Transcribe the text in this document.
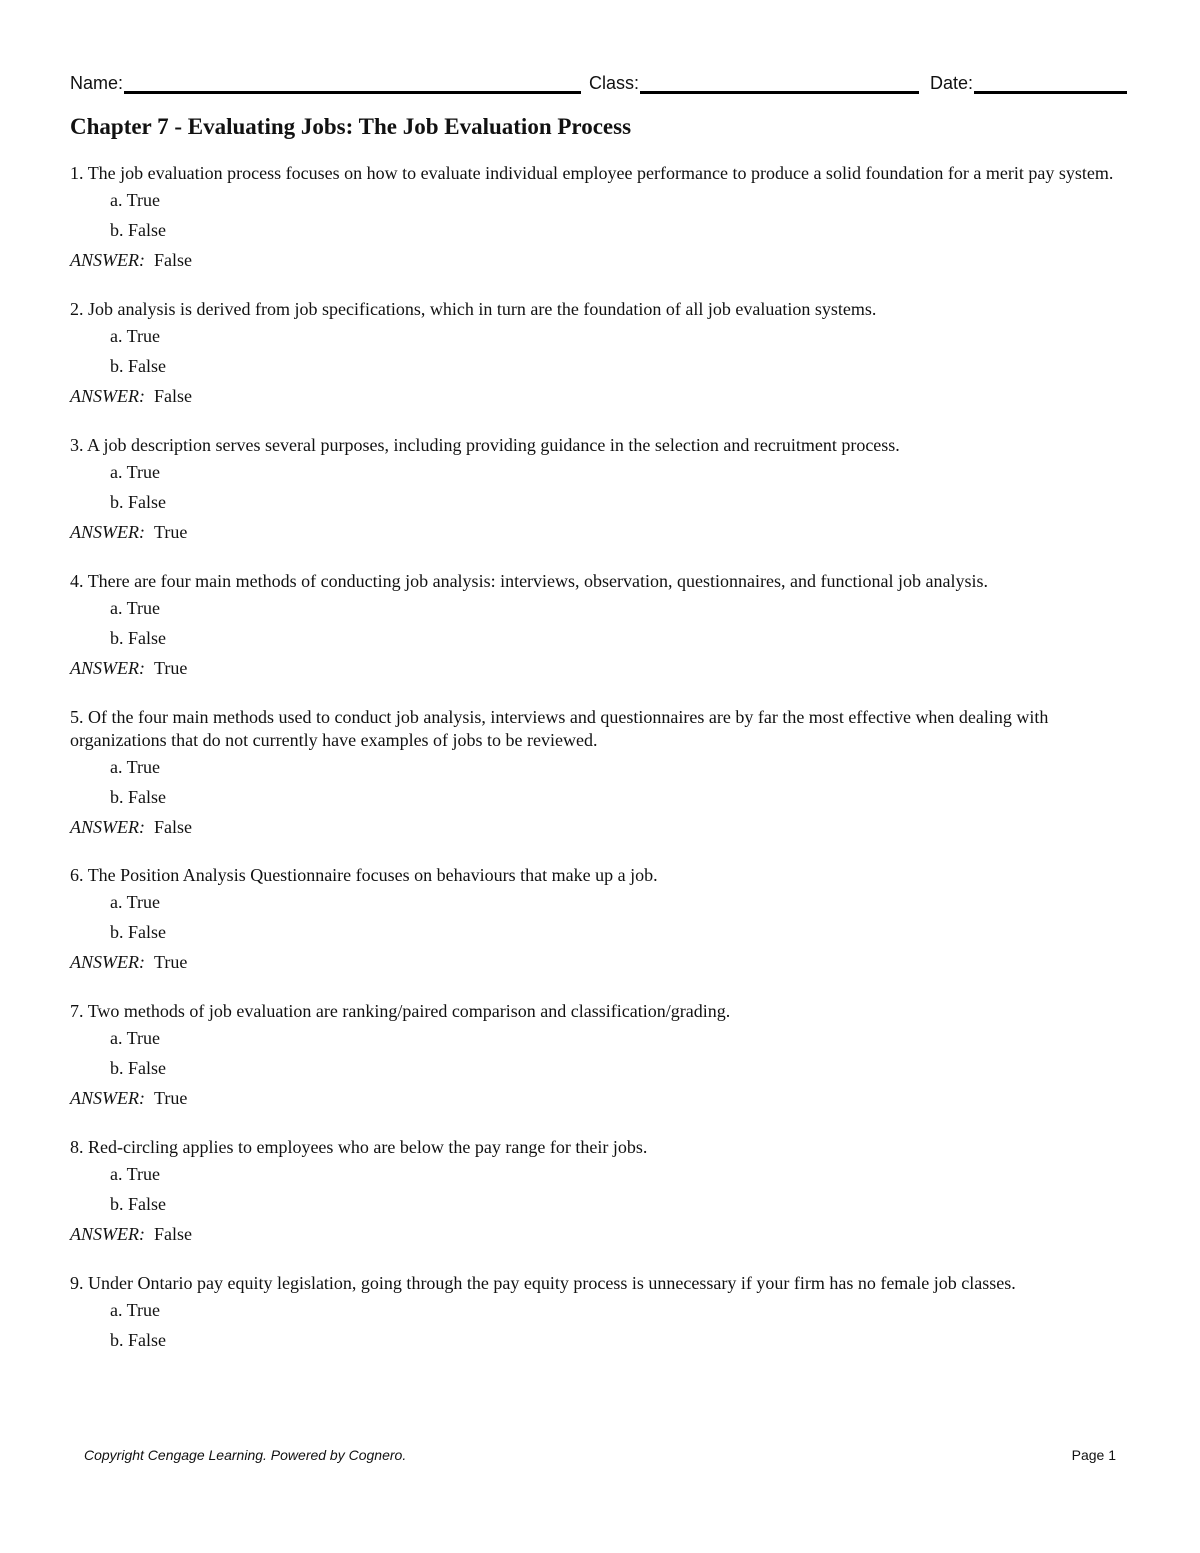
Name:	Class:	Date:
Chapter 7 - Evaluating Jobs: The Job Evaluation Process
1. The job evaluation process focuses on how to evaluate individual employee performance to produce a solid foundation for a merit pay system.
a. True
b. False
ANSWER: False
2. Job analysis is derived from job specifications, which in turn are the foundation of all job evaluation systems.
a. True
b. False
ANSWER: False
3. A job description serves several purposes, including providing guidance in the selection and recruitment process.
a. True
b. False
ANSWER: True
4. There are four main methods of conducting job analysis: interviews, observation, questionnaires, and functional job analysis.
a. True
b. False
ANSWER: True
5. Of the four main methods used to conduct job analysis, interviews and questionnaires are by far the most effective when dealing with organizations that do not currently have examples of jobs to be reviewed.
a. True
b. False
ANSWER: False
6. The Position Analysis Questionnaire focuses on behaviours that make up a job.
a. True
b. False
ANSWER: True
7. Two methods of job evaluation are ranking/paired comparison and classification/grading.
a. True
b. False
ANSWER: True
8. Red-circling applies to employees who are below the pay range for their jobs.
a. True
b. False
ANSWER: False
9. Under Ontario pay equity legislation, going through the pay equity process is unnecessary if your firm has no female job classes.
a. True
b. False
Copyright Cengage Learning. Powered by Cognero.	Page 1
